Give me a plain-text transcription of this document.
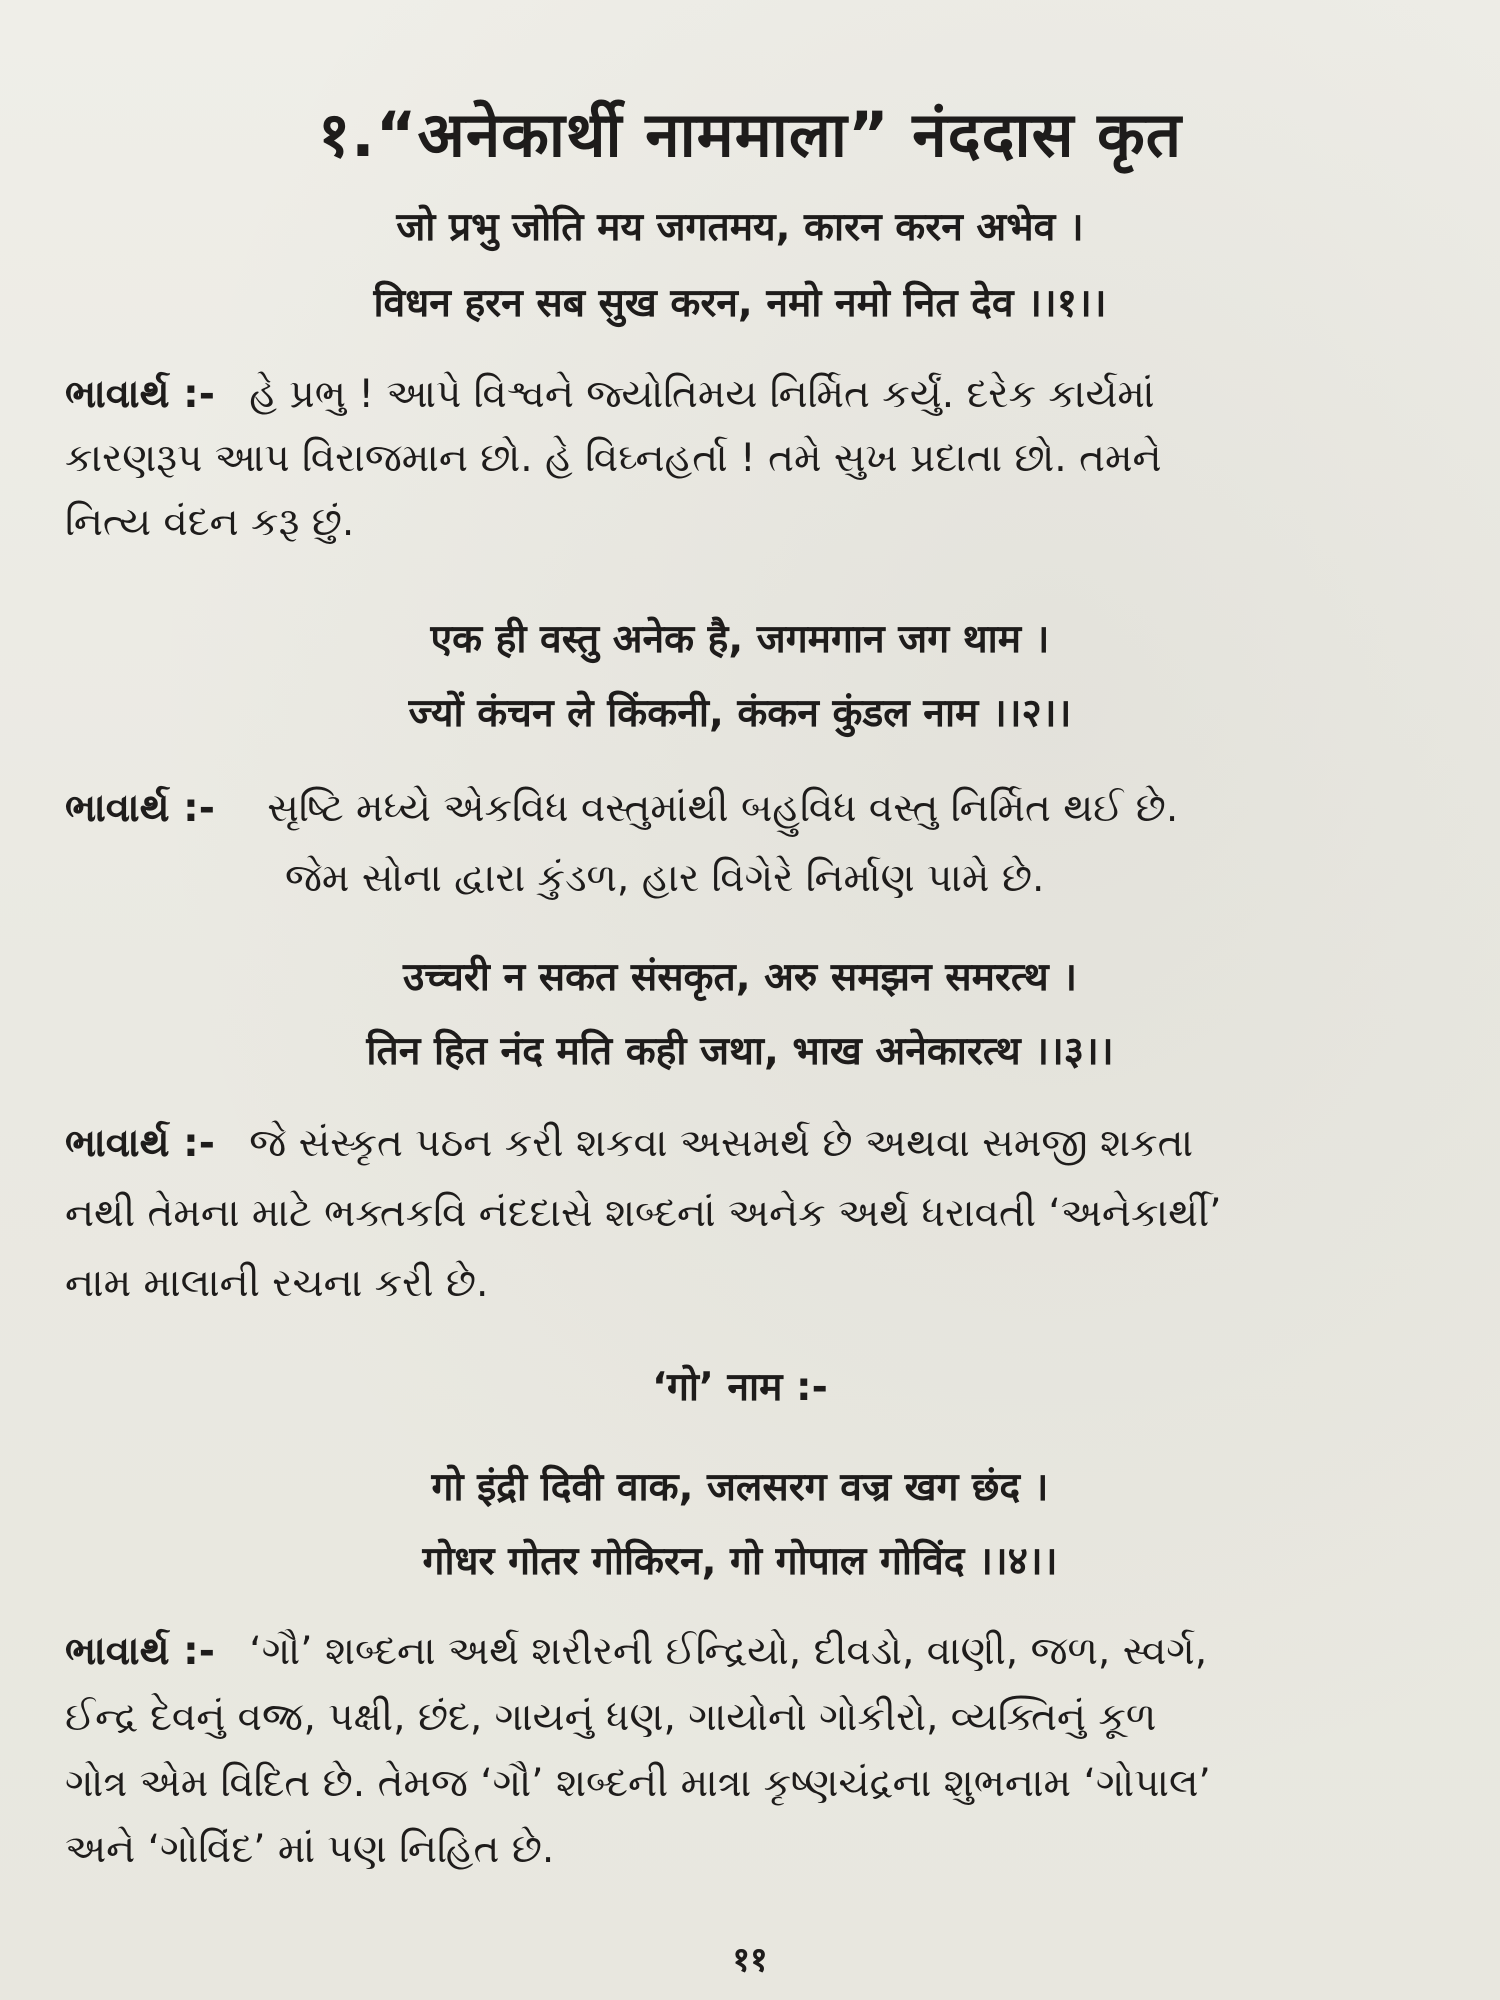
१.“अनेकार्थी नाममाला” नंददास कृत
जो प्रभु जोति मय जगतमय, कारन करन अभेव ।
विधन हरन सब सुख करन, नमो नमो नित देव ।।१।।
ભાવાર્થ :- હે પ્રભુ ! આપે વિશ્વને જ્યોતિમય નિર્મિત કર્યું. દરેક કાર્યમાં
કારણરૂપ આપ વિરાજમાન છો. હે વિઘ્નહર્તા ! તમે સુખ પ્રદાતા છો. તમને
નિત્ય વંદન કરૂ છું.
एक ही वस्तु अनेक है, जगमगान जग थाम ।
ज्यों कंचन ले किंकनी, कंकन कुंडल नाम ।।२।।
ભાવાર્થ :- સૃષ્ટિ મધ્યે એકવિધ વસ્તુમાંથી બહુવિધ વસ્તુ નિર્મિત થઈ છે.
જેમ સોના દ્વારા કુંડળ, હાર વિગેરે નિર્માણ પામે છે.
उच्चरी न सकत संसकृत, अरु समझन समरत्थ ।
तिन हित नंद मति कही जथा, भाख अनेकारत्थ ।।३।।
ભાવાર્થ :- જે સંસ્કૃત પઠન કરી શકવા અસમર્થ છે અથવા સમજી શકતા
નથી તેમના માટે ભક્તકવિ નંદદાસે શબ્દનાં અનેક અર્થ ધરાવતી ‘અનેકાર્થી’
નામ માલાની રચના કરી છે.
‘गो’ नाम :-
गो इंद्री दिवी वाक, जलसरग वज्र खग छंद ।
गोधर गोतर गोकिरन, गो गोपाल गोविंद ।।४।।
ભાવાર્થ :- ‘ગૌ’ શબ્દના અર્થ શરીરની ઈન્દ્રિયો, દીવડો, વાણી, જળ, સ્વર્ગ,
ઈન્દ્ર દેવનું વજ્ર, પક્ષી, છંદ, ગાયનું ધણ, ગાયોનો ગોકીરો, વ્યક્તિનું કૂળ
ગોત્ર એમ વિદિત છે. તેમજ ‘ગૌ’ શબ્દની માત્રા કૃષ્ણચંદ્રના શુભનામ ‘ગોપાલ’
અને ‘ગોવિંદ’ માં પણ નિહિત છે.
११
